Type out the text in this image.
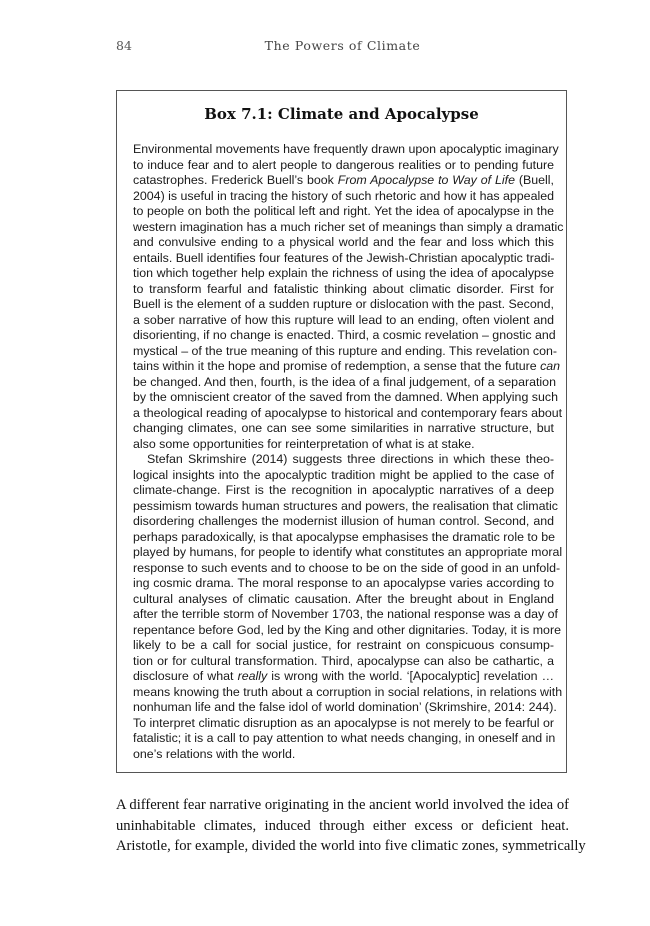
84	The Powers of Climate
Box 7.1: Climate and Apocalypse
Environmental movements have frequently drawn upon apocalyptic imaginary
to induce fear and to alert people to dangerous realities or to pending future
catastrophes. Frederick Buell’s book From Apocalypse to Way of Life (Buell,
2004) is useful in tracing the history of such rhetoric and how it has appealed
to people on both the political left and right. Yet the idea of apocalypse in the
western imagination has a much richer set of meanings than simply a dramatic
and convulsive ending to a physical world and the fear and loss which this
entails. Buell identifies four features of the Jewish-Christian apocalyptic tradi-
tion which together help explain the richness of using the idea of apocalypse
to transform fearful and fatalistic thinking about climatic disorder. First for
Buell is the element of a sudden rupture or dislocation with the past. Second,
a sober narrative of how this rupture will lead to an ending, often violent and
disorienting, if no change is enacted. Third, a cosmic revelation – gnostic and
mystical – of the true meaning of this rupture and ending. This revelation con-
tains within it the hope and promise of redemption, a sense that the future can
be changed. And then, fourth, is the idea of a final judgement, of a separation
by the omniscient creator of the saved from the damned. When applying such
a theological reading of apocalypse to historical and contemporary fears about
changing climates, one can see some similarities in narrative structure, but
also some opportunities for reinterpretation of what is at stake.
Stefan Skrimshire (2014) suggests three directions in which these theo-
logical insights into the apocalyptic tradition might be applied to the case of
climate-change. First is the recognition in apocalyptic narratives of a deep
pessimism towards human structures and powers, the realisation that climatic
disordering challenges the modernist illusion of human control. Second, and
perhaps paradoxically, is that apocalypse emphasises the dramatic role to be
played by humans, for people to identify what constitutes an appropriate moral
response to such events and to choose to be on the side of good in an unfold-
ing cosmic drama. The moral response to an apocalypse varies according to
cultural analyses of climatic causation. After the breught about in England
after the terrible storm of November 1703, the national response was a day of
repentance before God, led by the King and other dignitaries. Today, it is more
likely to be a call for social justice, for restraint on conspicuous consump-
tion or for cultural transformation. Third, apocalypse can also be cathartic, a
disclosure of what really is wrong with the world. ‘[Apocalyptic] revelation …
means knowing the truth about a corruption in social relations, in relations with
nonhuman life and the false idol of world domination’ (Skrimshire, 2014: 244).
To interpret climatic disruption as an apocalypse is not merely to be fearful or
fatalistic; it is a call to pay attention to what needs changing, in oneself and in
one’s relations with the world.
A different fear narrative originating in the ancient world involved the idea of
uninhabitable climates, induced through either excess or deficient heat.
Aristotle, for example, divided the world into five climatic zones, symmetrically
